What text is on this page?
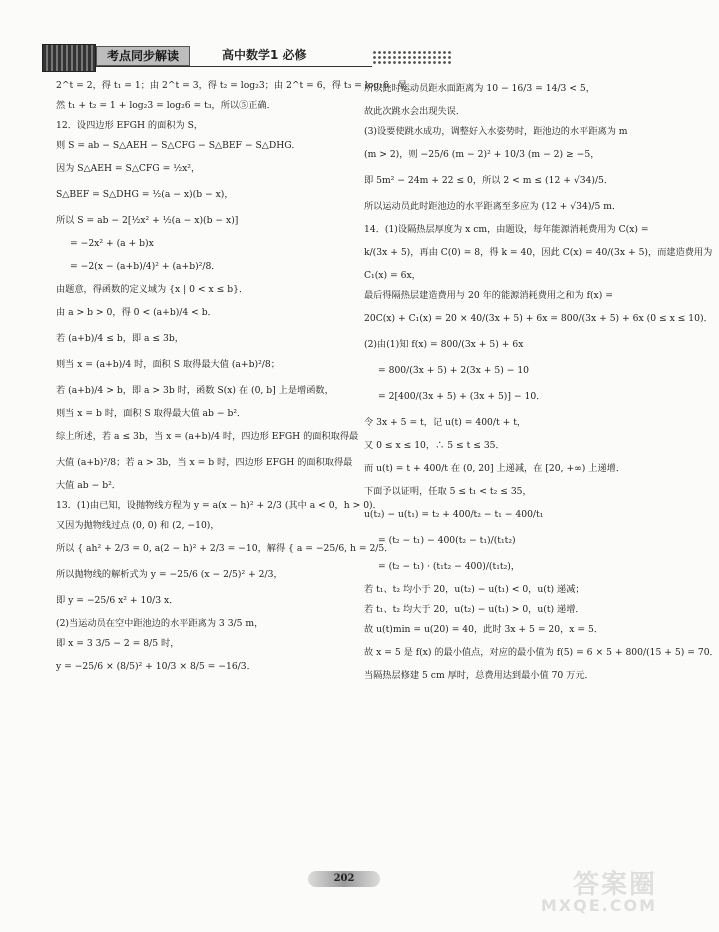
考点同步解读	高中数学1 必修

2^t = 2，得 t₁ = 1；由 2^t = 3，得 t₂ = log₂3；由 2^t = 6，得 t₃ = log₂6．显

然 t₁ + t₂ = 1 + log₂3 = log₂6 = t₃，所以⑤正确．

12．设四边形 EFGH 的面积为 S，

则 S = ab − S△AEH − S△CFG − S△BEF − S△DHG．

因为 S△AEH = S△CFG = ½x²，

S△BEF = S△DHG = ½(a − x)(b − x)，

所以 S = ab − 2[½x² + ½(a − x)(b − x)]

= −2x² + (a + b)x

= −2(x − (a+b)/4)² + (a+b)²/8．

由题意，得函数的定义域为 {x | 0 < x ≤ b}．

由 a > b > 0，得 0 < (a+b)/4 < b．

若 (a+b)/4 ≤ b，即 a ≤ 3b，

则当 x = (a+b)/4 时，面积 S 取得最大值 (a+b)²/8；

若 (a+b)/4 > b，即 a > 3b 时，函数 S(x) 在 (0, b] 上是增函数，

则当 x = b 时，面积 S 取得最大值 ab − b²．

综上所述，若 a ≤ 3b，当 x = (a+b)/4 时，四边形 EFGH 的面积取得最

大值 (a+b)²/8；若 a > 3b，当 x = b 时，四边形 EFGH 的面积取得最

大值 ab − b²．

13．(1)由已知，设抛物线方程为 y = a(x − h)² + 2/3 (其中 a < 0，h > 0)．

又因为抛物线过点 (0, 0) 和 (2, −10)，

所以 { ah² + 2/3 = 0, a(2 − h)² + 2/3 = −10，解得 { a = −25/6, h = 2/5．

所以抛物线的解析式为 y = −25/6 (x − 2/5)² + 2/3，

即 y = −25/6 x² + 10/3 x．

(2)当运动员在空中距池边的水平距离为 3 3/5 m，

即 x = 3 3/5 − 2 = 8/5 时，

y = −25/6 × (8/5)² + 10/3 × 8/5 = −16/3．

所以此时运动员距水面距离为 10 − 16/3 = 14/3 < 5，

故此次跳水会出现失误．

(3)设要使跳水成功，调整好入水姿势时，距池边的水平距离为 m

(m > 2)，则 −25/6 (m − 2)² + 10/3 (m − 2) ≥ −5，

即 5m² − 24m + 22 ≤ 0，所以 2 < m ≤ (12 + √34)/5．

所以运动员此时距池边的水平距离至多应为 (12 + √34)/5 m．

14．(1)设隔热层厚度为 x cm，由题设，每年能源消耗费用为 C(x) =

k/(3x + 5)，再由 C(0) = 8，得 k = 40，因此 C(x) = 40/(3x + 5)，而建造费用为

C₁(x) = 6x，

最后得隔热层建造费用与 20 年的能源消耗费用之和为 f(x) =

20C(x) + C₁(x) = 20 × 40/(3x + 5) + 6x = 800/(3x + 5) + 6x (0 ≤ x ≤ 10)．

(2)由(1)知 f(x) = 800/(3x + 5) + 6x

= 800/(3x + 5) + 2(3x + 5) − 10

= 2[400/(3x + 5) + (3x + 5)] − 10．

令 3x + 5 = t，记 u(t) = 400/t + t，

又 0 ≤ x ≤ 10，∴ 5 ≤ t ≤ 35．

而 u(t) = t + 400/t 在 (0, 20] 上递减，在 [20, +∞) 上递增．

下面予以证明，任取 5 ≤ t₁ < t₂ ≤ 35，

u(t₂) − u(t₁) = t₂ + 400/t₂ − t₁ − 400/t₁

= (t₂ − t₁) − 400(t₂ − t₁)/(t₁t₂)

= (t₂ − t₁) · (t₁t₂ − 400)/(t₁t₂)，

若 t₁、t₂ 均小于 20，u(t₂) − u(t₁) < 0，u(t) 递减；

若 t₁、t₂ 均大于 20，u(t₂) − u(t₁) > 0，u(t) 递增．

故 u(t)min = u(20) = 40，此时 3x + 5 = 20，x = 5．

故 x = 5 是 f(x) 的最小值点，对应的最小值为 f(5) = 6 × 5 + 800/(15 + 5) = 70．

当隔热层修建 5 cm 厚时，总费用达到最小值 70 万元．

202	答案圈
MXQE.COM
